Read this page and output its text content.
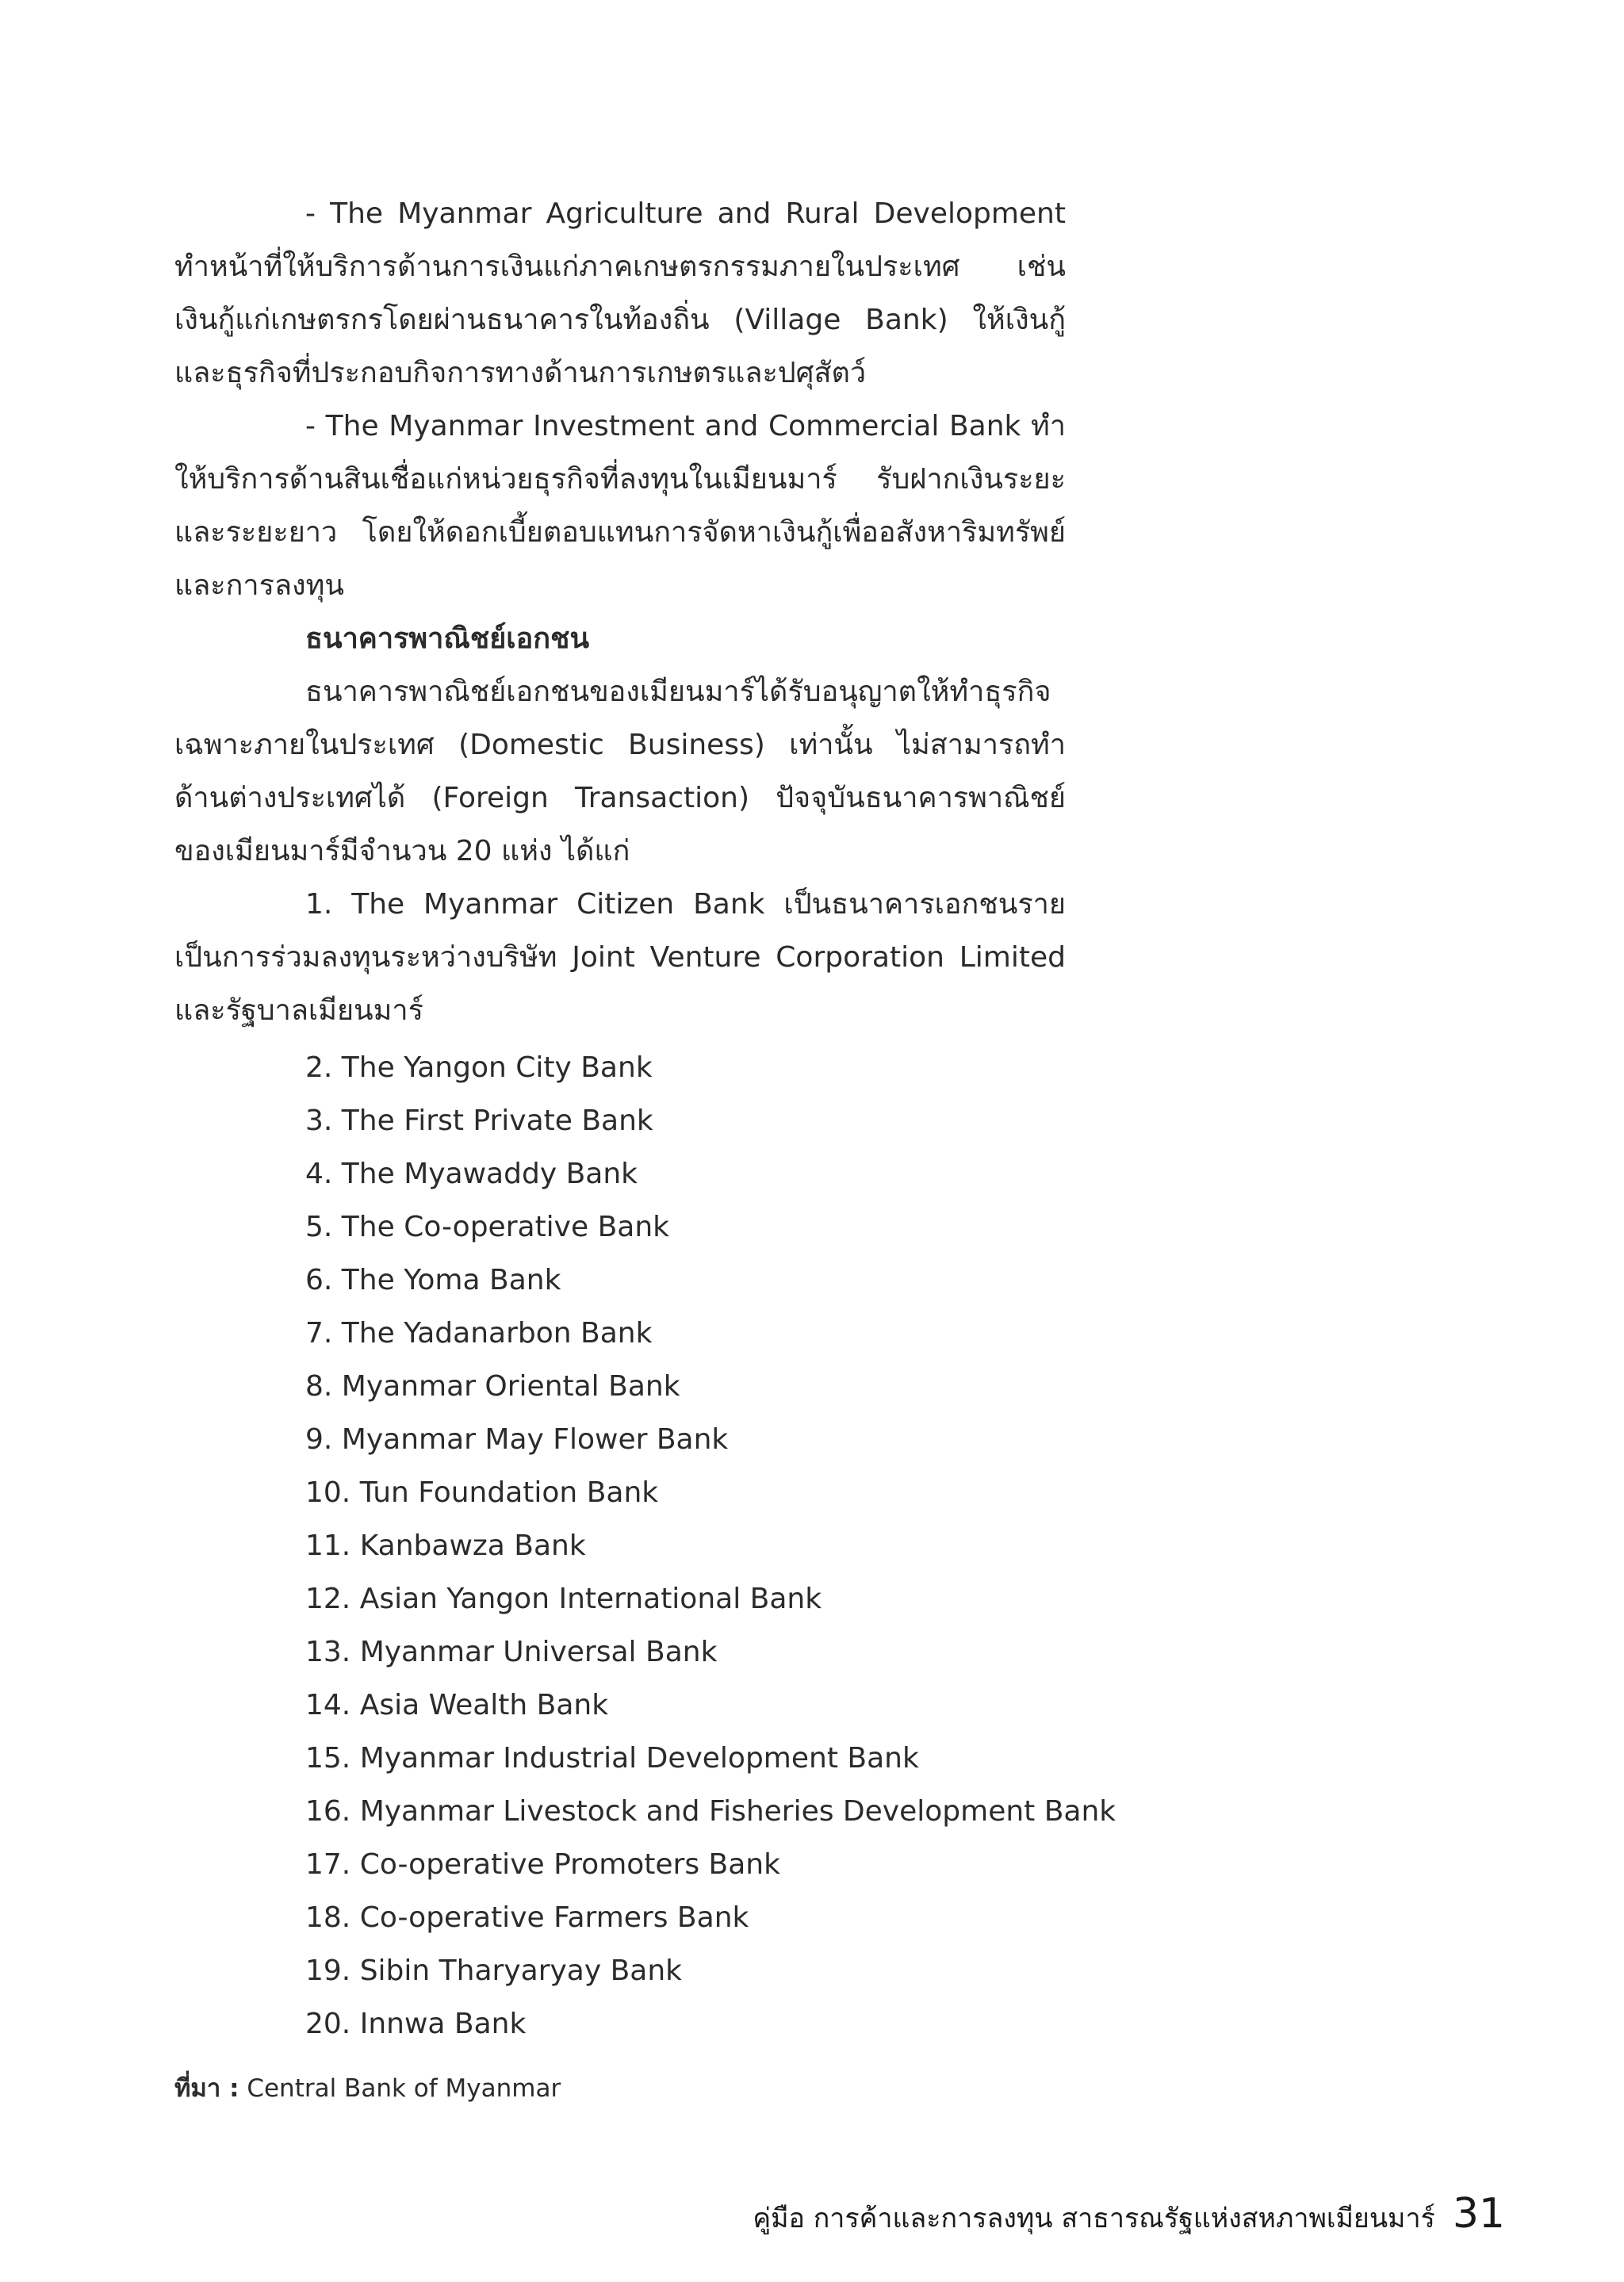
- The Myanmar Agriculture and Rural Development
ทำหน้าที่ให้บริการด้านการเงินแก่ภาคเกษตรกรรมภายในประเทศ เช่น
เงินกู้แก่เกษตรกรโดยผ่านธนาคารในท้องถิ่น (Village Bank) ให้เงินกู้
และธุรกิจที่ประกอบกิจการทางด้านการเกษตรและปศุสัตว์
- The Myanmar Investment and Commercial Bank ทำ
ให้บริการด้านสินเชื่อแก่หน่วยธุรกิจที่ลงทุนในเมียนมาร์ รับฝากเงินระยะ
และระยะยาว โดยให้ดอกเบี้ยตอบแทนการจัดหาเงินกู้เพื่ออสังหาริมทรัพย์
และการลงทุน
ธนาคารพาณิชย์เอกชน
ธนาคารพาณิชย์เอกชนของเมียนมาร์ได้รับอนุญาตให้ทำธุรกิจ
เฉพาะภายในประเทศ (Domestic Business) เท่านั้น ไม่สามารถทำ
ด้านต่างประเทศได้ (Foreign Transaction) ปัจจุบันธนาคารพาณิชย์
ของเมียนมาร์มีจำนวน 20 แห่ง ได้แก่
1. The Myanmar Citizen Bank เป็นธนาคารเอกชนราย
เป็นการร่วมลงทุนระหว่างบริษัท Joint Venture Corporation Limited
และรัฐบาลเมียนมาร์
2. The Yangon City Bank
3. The First Private Bank
4. The Myawaddy Bank
5. The Co-operative Bank
6. The Yoma Bank
7. The Yadanarbon Bank
8. Myanmar Oriental Bank
9. Myanmar May Flower Bank
10. Tun Foundation Bank
11. Kanbawza Bank
12. Asian Yangon International Bank
13. Myanmar Universal Bank
14. Asia Wealth Bank
15. Myanmar Industrial Development Bank
16. Myanmar Livestock and Fisheries Development Bank
17. Co-operative Promoters Bank
18. Co-operative Farmers Bank
19. Sibin Tharyaryay Bank
20. Innwa Bank
ที่มา : Central Bank of Myanmar
คู่มือ การค้าและการลงทุน สาธารณรัฐแห่งสหภาพเมียนมาร์ 31
